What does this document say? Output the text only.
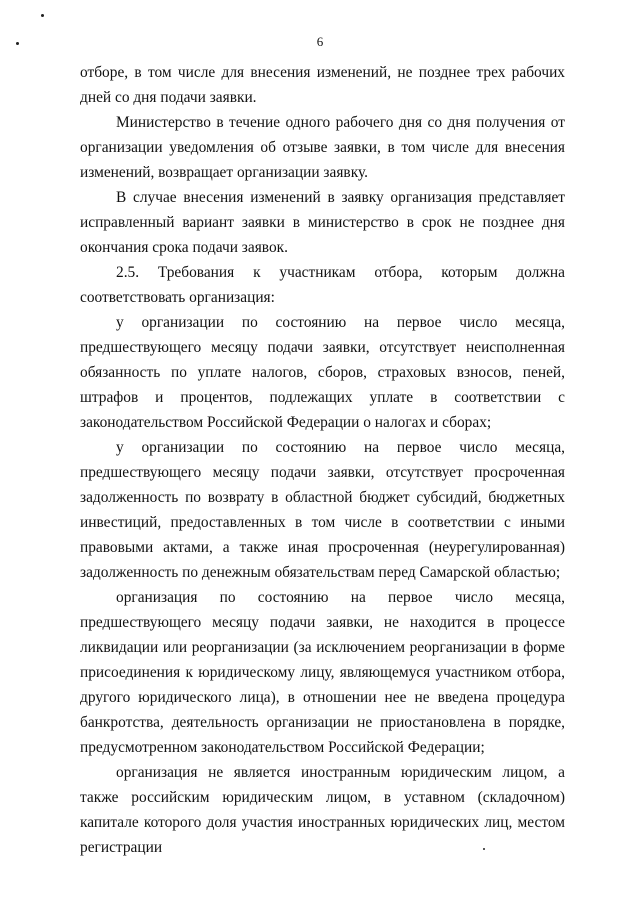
6

отборе, в том числе для внесения изменений, не позднее трех рабочих дней со дня подачи заявки.

Министерство в течение одного рабочего дня со дня получения от организации уведомления об отзыве заявки, в том числе для внесения изменений, возвращает организации заявку.

В случае внесения изменений в заявку организация представляет исправленный вариант заявки в министерство в срок не позднее дня окончания срока подачи заявок.

2.5. Требования к участникам отбора, которым должна соответствовать организация:

у организации по состоянию на первое число месяца, предшествующего месяцу подачи заявки, отсутствует неисполненная обязанность по уплате налогов, сборов, страховых взносов, пеней, штрафов и процентов, подлежащих уплате в соответствии с законодательством Российской Федерации о налогах и сборах;

у организации по состоянию на первое число месяца, предшествующего месяцу подачи заявки, отсутствует просроченная задолженность по возврату в областной бюджет субсидий, бюджетных инвестиций, предоставленных в том числе в соответствии с иными правовыми актами, а также иная просроченная (неурегулированная) задолженность по денежным обязательствам перед Самарской областью;

организация по состоянию на первое число месяца, предшествующего месяцу подачи заявки, не находится в процессе ликвидации или реорганизации (за исключением реорганизации в форме присоединения к юридическому лицу, являющемуся участником отбора, другого юридического лица), в отношении нее не введена процедура банкротства, деятельность организации не приостановлена в порядке, предусмотренном законодательством Российской Федерации;

организация не является иностранным юридическим лицом, а также российским юридическим лицом, в уставном (складочном) капитале которого доля участия иностранных юридических лиц, местом регистрации
